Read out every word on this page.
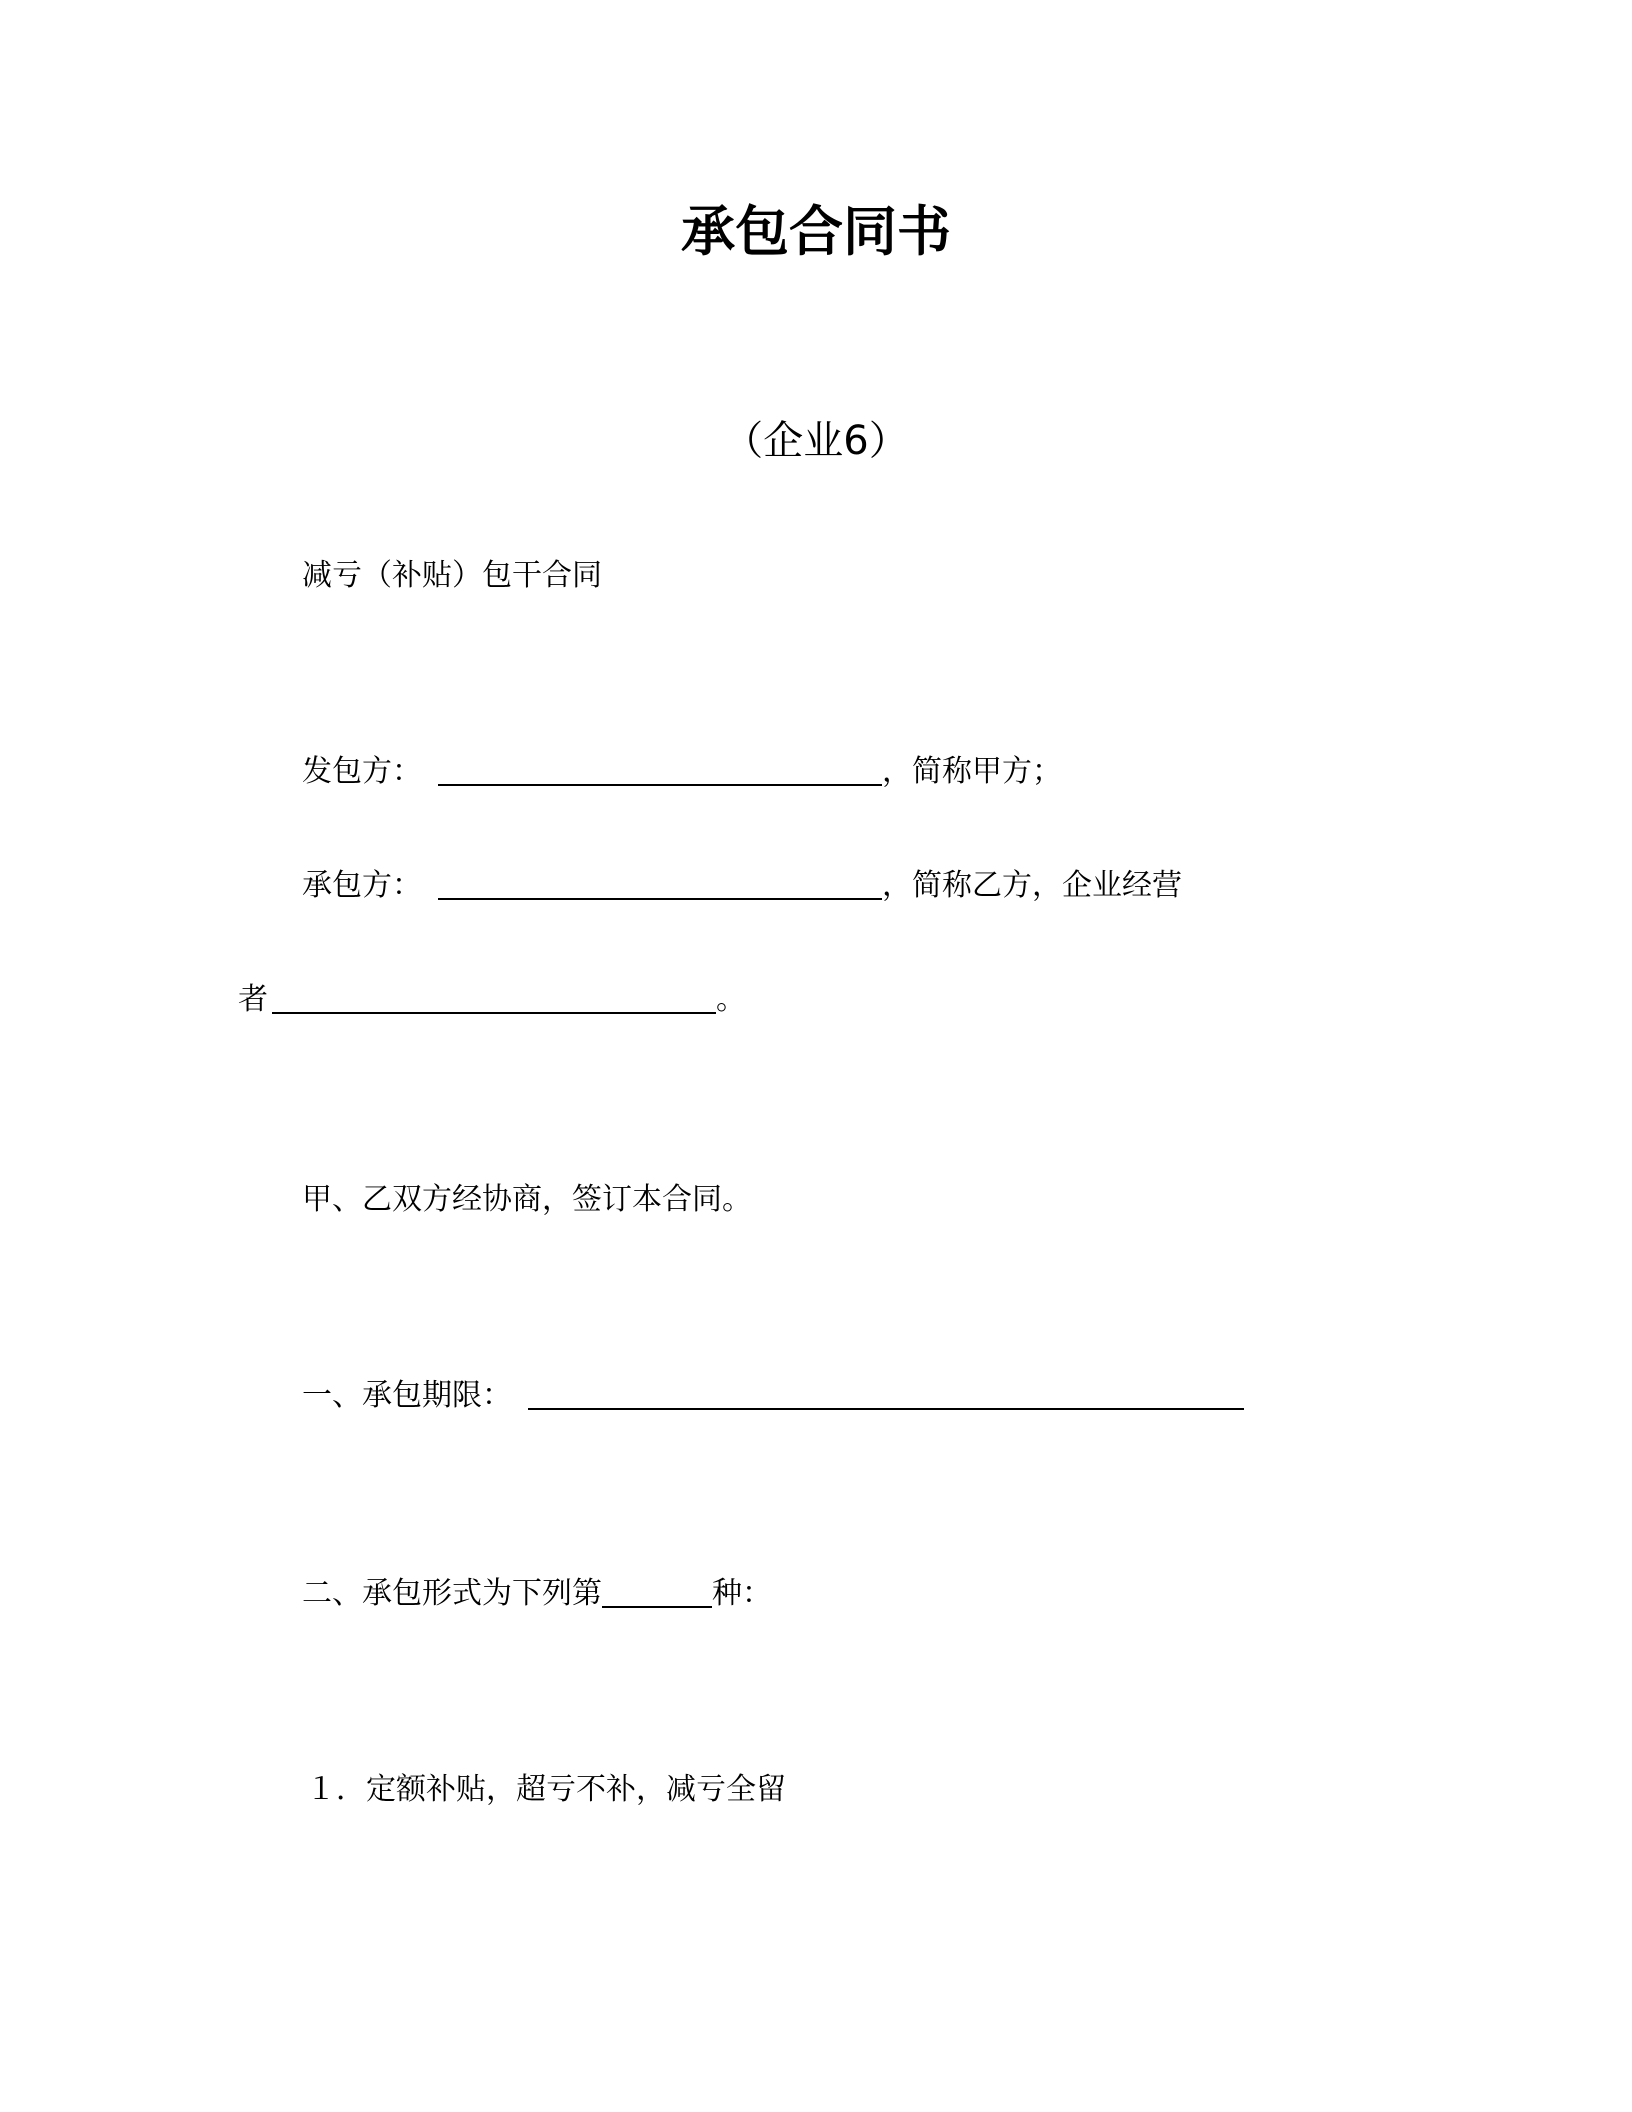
承包合同书
（企业6）
减亏（补贴）包干合同
发包方：	，简称甲方；
承包方：	，简称乙方，企业经营
者	。
甲、乙双方经协商，签订本合同。
一、承包期限：
二、承包形式为下列第	种：
１．定额补贴，超亏不补，减亏全留
